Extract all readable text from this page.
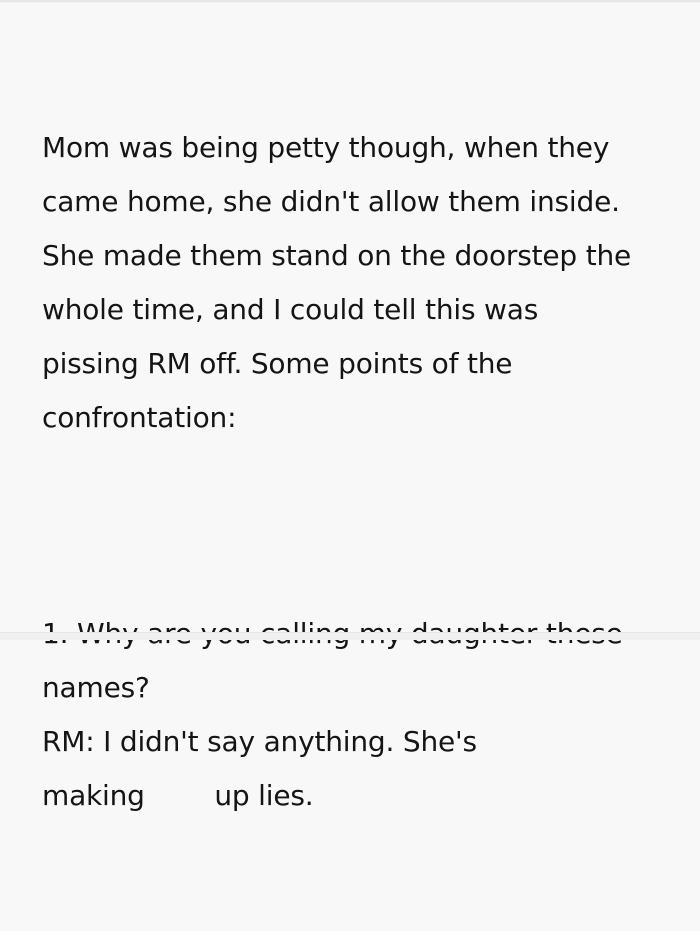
Mom was being petty though, when they
came home, she didn't allow them inside.
She made them stand on the doorstep the
whole time, and I could tell this was
pissing RM off. Some points of the
confrontation:

names?
RM: I didn't say anything. She's
making        up lies.
